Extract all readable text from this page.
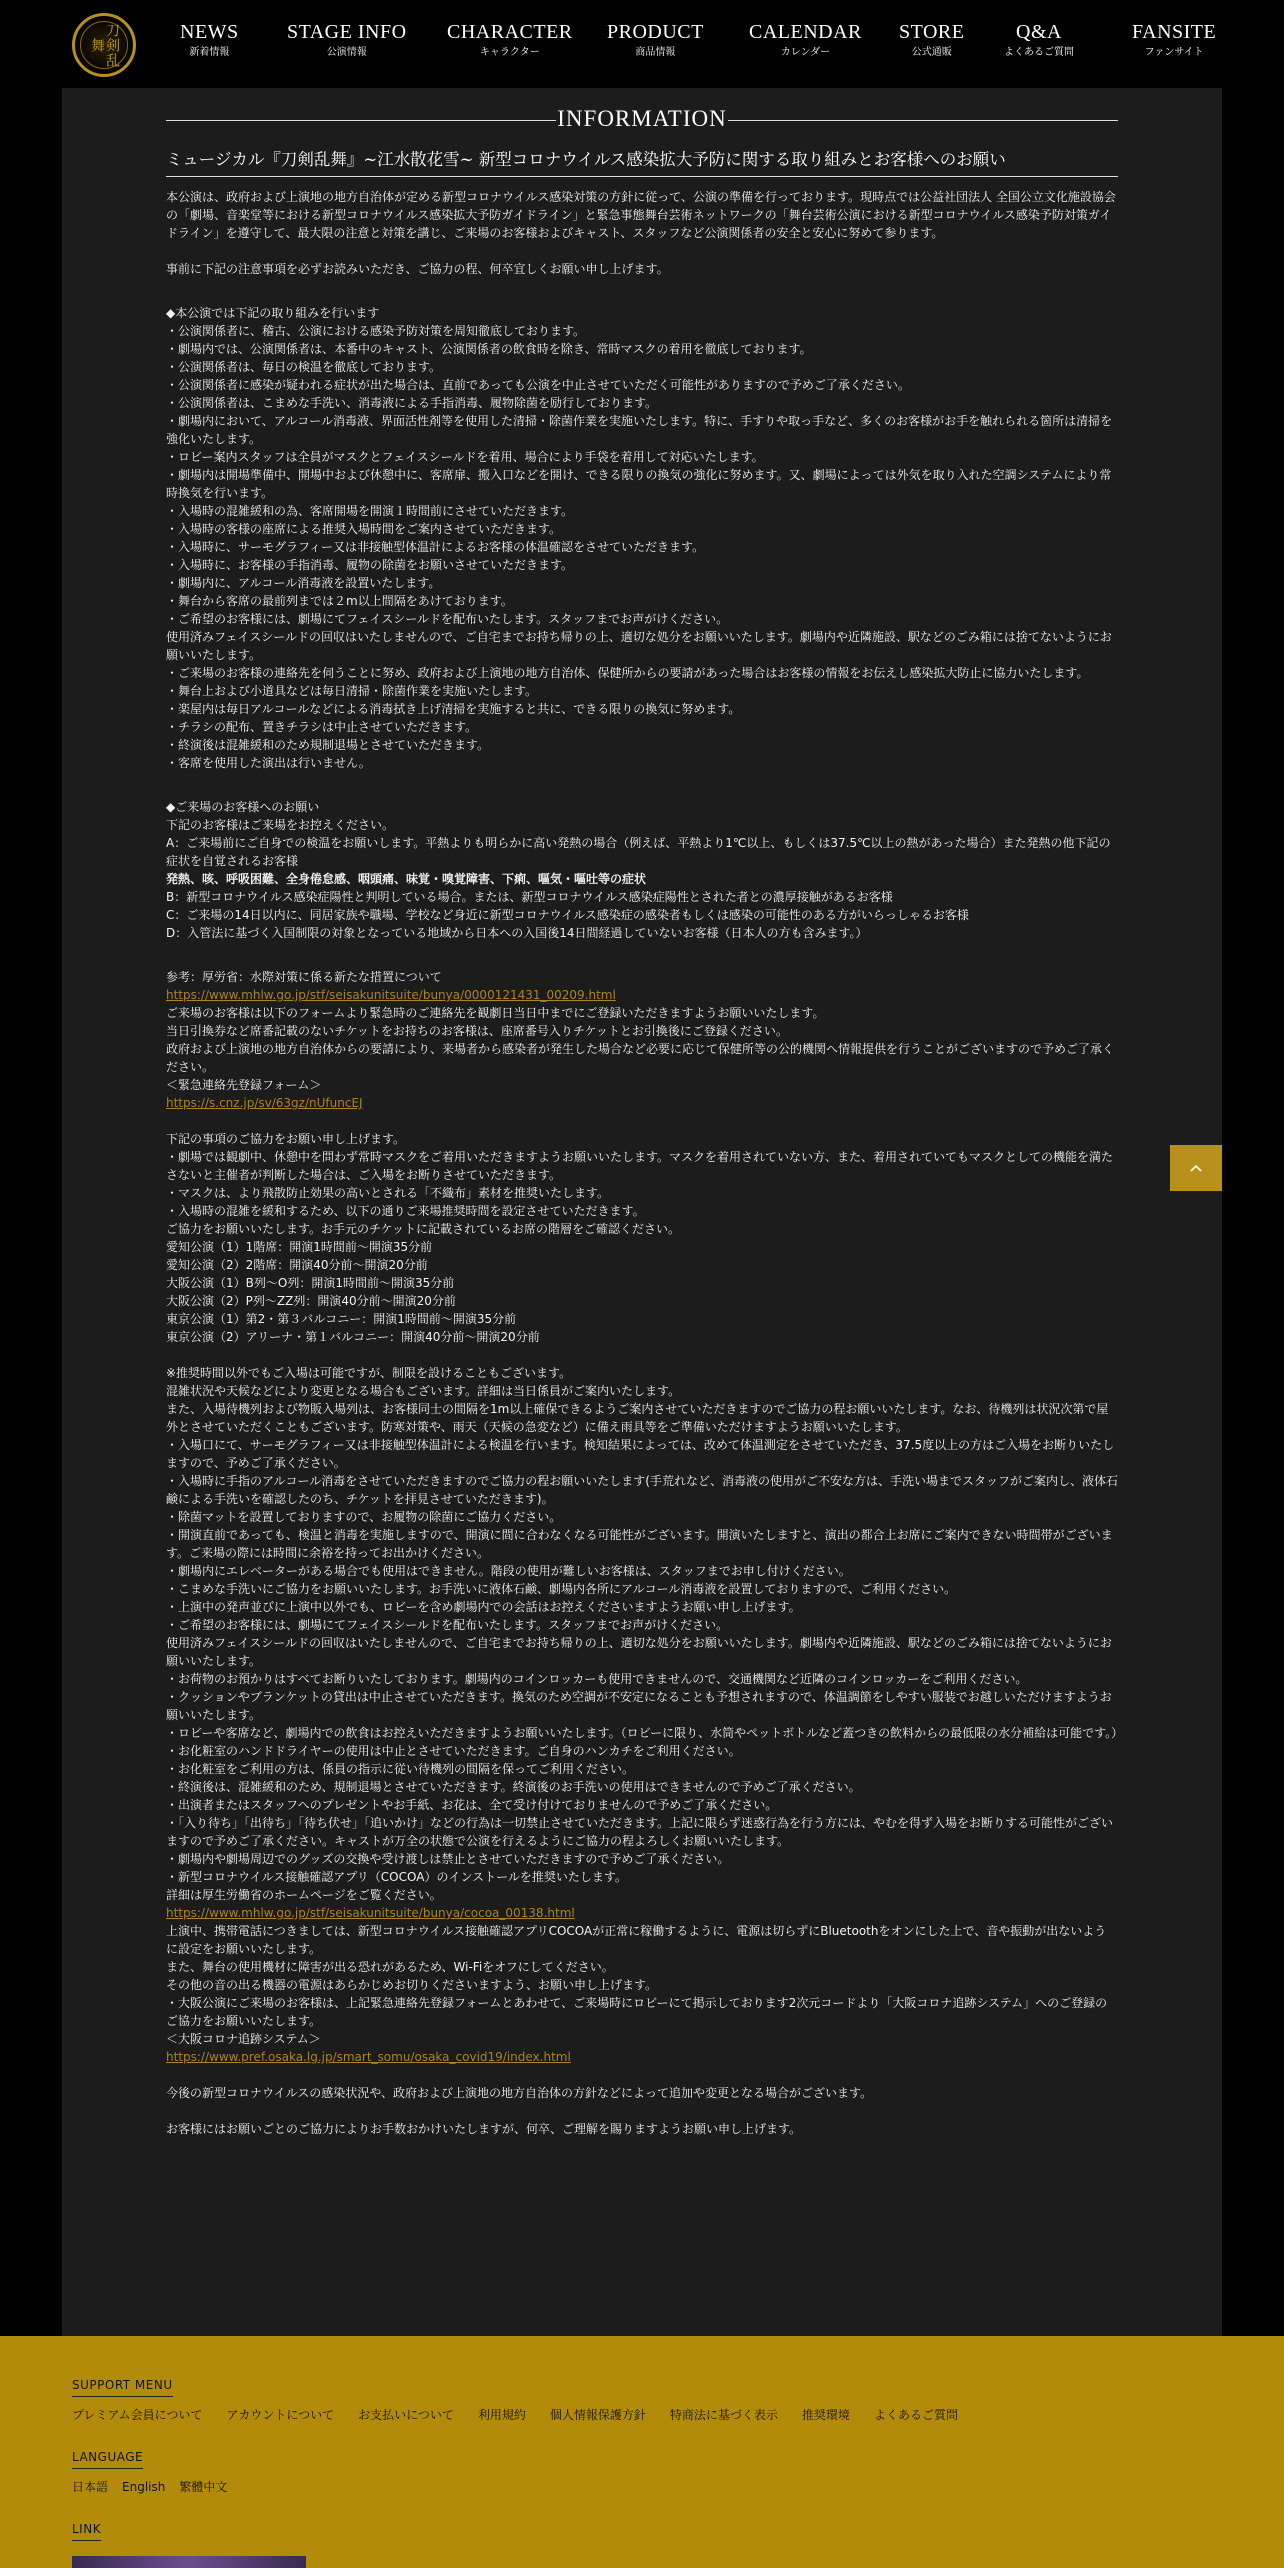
刀剣乱舞
NEWS
新着情報
STAGE INFO
公演情報
CHARACTER
キャラクター
PRODUCT
商品情報
CALENDAR
カレンダー
STORE
公式通販
Q&A
よくあるご質問
FANSITE
ファンサイト
INFORMATION
ミュージカル『刀剣乱舞』~江水散花雪~ 新型コロナウイルス感染拡大予防に関する取り組みとお客様へのお願い

本公演は、政府および上演地の地方自治体が定める新型コロナウイルス感染対策の方針に従って、公演の準備を行っております。現時点では公益社団法人 全国公立文化施設協会の「劇場、音楽堂等における新型コロナウイルス感染拡大予防ガイドライン」と緊急事態舞台芸術ネットワークの「舞台芸術公演における新型コロナウイルス感染予防対策ガイドライン」を遵守して、最大限の注意と対策を講じ、ご来場のお客様およびキャスト、スタッフなど公演関係者の安全と安心に努めて参ります。

事前に下記の注意事項を必ずお読みいただき、ご協力の程、何卒宜しくお願い申し上げます。

◆本公演では下記の取り組みを行います

・公演関係者に、稽古、公演における感染予防対策を周知徹底しております。

・劇場内では、公演関係者は、本番中のキャスト、公演関係者の飲食時を除き、常時マスクの着用を徹底しております。

・公演関係者は、毎日の検温を徹底しております。

・公演関係者に感染が疑われる症状が出た場合は、直前であっても公演を中止させていただく可能性がありますので予めご了承ください。

・公演関係者は、こまめな手洗い、消毒液による手指消毒、履物除菌を励行しております。

・劇場内において、アルコール消毒液、界面活性剤等を使用した清掃・除菌作業を実施いたします。特に、手すりや取っ手など、多くのお客様がお手を触れられる箇所は清掃を強化いたします。

・ロビー案内スタッフは全員がマスクとフェイスシールドを着用、場合により手袋を着用して対応いたします。

・劇場内は開場準備中、開場中および休憩中に、客席扉、搬入口などを開け、できる限りの換気の強化に努めます。又、劇場によっては外気を取り入れた空調システムにより常時換気を行います。

・入場時の混雑緩和の為、客席開場を開演１時間前にさせていただきます。

・入場時の客様の座席による推奨入場時間をご案内させていただきます。

・入場時に、サーモグラフィー又は非接触型体温計によるお客様の体温確認をさせていただきます。

・入場時に、お客様の手指消毒、履物の除菌をお願いさせていただきます。

・劇場内に、アルコール消毒液を設置いたします。

・舞台から客席の最前列までは２m以上間隔をあけております。

・ご希望のお客様には、劇場にてフェイスシールドを配布いたします。スタッフまでお声がけください。

使用済みフェイスシールドの回収はいたしませんので、ご自宅までお持ち帰りの上、適切な処分をお願いいたします。劇場内や近隣施設、駅などのごみ箱には捨てないようにお願いいたします。

・ご来場のお客様の連絡先を伺うことに努め、政府および上演地の地方自治体、保健所からの要請があった場合はお客様の情報をお伝えし感染拡大防止に協力いたします。

・舞台上および小道具などは毎日清掃・除菌作業を実施いたします。

・楽屋内は毎日アルコールなどによる消毒拭き上げ清掃を実施すると共に、できる限りの換気に努めます。

・チラシの配布、置きチラシは中止させていただきます。

・終演後は混雑緩和のため規制退場とさせていただきます。

・客席を使用した演出は行いません。

◆ご来場のお客様へのお願い

下記のお客様はご来場をお控えください。

A：ご来場前にご自身での検温をお願いします。平熱よりも明らかに高い発熱の場合（例えば、平熱より1℃以上、もしくは37.5℃以上の熱があった場合）また発熱の他下記の症状を自覚されるお客様

発熱、咳、呼吸困難、全身倦怠感、咽頭痛、味覚・嗅覚障害、下痢、嘔気・嘔吐等の症状

B：新型コロナウイルス感染症陽性と判明している場合。または、新型コロナウイルス感染症陽性とされた者との濃厚接触があるお客様

C：ご来場の14日以内に、同居家族や職場、学校など身近に新型コロナウイルス感染症の感染者もしくは感染の可能性のある方がいらっしゃるお客様

D：入管法に基づく入国制限の対象となっている地域から日本への入国後14日間経過していないお客様（日本人の方も含みます。）

参考：厚労省：水際対策に係る新たな措置について

https://www.mhlw.go.jp/stf/seisakunitsuite/bunya/0000121431_00209.html

ご来場のお客様は以下のフォームより緊急時のご連絡先を観劇日当日中までにご登録いただきますようお願いいたします。

当日引換券など席番記載のないチケットをお持ちのお客様は、座席番号入りチケットとお引換後にご登録ください。

政府および上演地の地方自治体からの要請により、来場者から感染者が発生した場合など必要に応じて保健所等の公的機関へ情報提供を行うことがございますので予めご了承ください。

＜緊急連絡先登録フォーム＞

https://s.cnz.jp/sv/63gz/nUfuncEJ

下記の事項のご協力をお願い申し上げます。

・劇場では観劇中、休憩中を問わず常時マスクをご着用いただきますようお願いいたします。マスクを着用されていない方、また、着用されていてもマスクとしての機能を満たさないと主催者が判断した場合は、ご入場をお断りさせていただきます。

・マスクは、より飛散防止効果の高いとされる「不織布」素材を推奨いたします。

・入場時の混雑を緩和するため、以下の通りご来場推奨時間を設定させていただきます。

ご協力をお願いいたします。お手元のチケットに記載されているお席の階層をご確認ください。

愛知公演（1）1階席：開演1時間前～開演35分前

愛知公演（2）2階席：開演40分前～開演20分前

大阪公演（1）B列～O列：開演1時間前～開演35分前

大阪公演（2）P列～ZZ列：開演40分前～開演20分前

東京公演（1）第2・第３バルコニー：開演1時間前～開演35分前

東京公演（2）アリーナ・第１バルコニー：開演40分前～開演20分前

※推奨時間以外でもご入場は可能ですが、制限を設けることもございます。

混雑状況や天候などにより変更となる場合もございます。詳細は当日係員がご案内いたします。

また、入場待機列および物販入場列は、お客様同士の間隔を1m以上確保できるようご案内させていただきますのでご協力の程お願いいたします。なお、待機列は状況次第で屋外とさせていただくこともございます。防寒対策や、雨天（天候の急変など）に備え雨具等をご準備いただけますようお願いいたします。

・入場口にて、サーモグラフィー又は非接触型体温計による検温を行います。検知結果によっては、改めて体温測定をさせていただき、37.5度以上の方はご入場をお断りいたしますので、予めご了承ください。

・入場時に手指のアルコール消毒をさせていただきますのでご協力の程お願いいたします(手荒れなど、消毒液の使用がご不安な方は、手洗い場までスタッフがご案内し、液体石鹸による手洗いを確認したのち、チケットを拝見させていただきます)。

・除菌マットを設置しておりますので、お履物の除菌にご協力ください。

・開演直前であっても、検温と消毒を実施しますので、開演に間に合わなくなる可能性がございます。開演いたしますと、演出の都合上お席にご案内できない時間帯がございます。ご来場の際には時間に余裕を持ってお出かけください。

・劇場内にエレベーターがある場合でも使用はできません。階段の使用が難しいお客様は、スタッフまでお申し付けください。

・こまめな手洗いにご協力をお願いいたします。お手洗いに液体石鹸、劇場内各所にアルコール消毒液を設置しておりますので、ご利用ください。

・上演中の発声並びに上演中以外でも、ロビーを含め劇場内での会話はお控えくださいますようお願い申し上げます。

・ご希望のお客様には、劇場にてフェイスシールドを配布いたします。スタッフまでお声がけください。

使用済みフェイスシールドの回収はいたしませんので、ご自宅までお持ち帰りの上、適切な処分をお願いいたします。劇場内や近隣施設、駅などのごみ箱には捨てないようにお願いいたします。

・お荷物のお預かりはすべてお断りいたしております。劇場内のコインロッカーも使用できませんので、交通機関など近隣のコインロッカーをご利用ください。

・クッションやブランケットの貸出は中止させていただきます。換気のため空調が不安定になることも予想されますので、体温調節をしやすい服装でお越しいただけますようお願いいたします。

・ロビーや客席など、劇場内での飲食はお控えいただきますようお願いいたします。（ロビーに限り、水筒やペットボトルなど蓋つきの飲料からの最低限の水分補給は可能です。）

・お化粧室のハンドドライヤーの使用は中止とさせていただきます。ご自身のハンカチをご利用ください。

・お化粧室をご利用の方は、係員の指示に従い待機列の間隔を保ってご利用ください。

・終演後は、混雑緩和のため、規制退場とさせていただきます。終演後のお手洗いの使用はできませんので予めご了承ください。

・出演者またはスタッフへのプレゼントやお手紙、お花は、全て受け付けておりませんので予めご了承ください。

・「入り待ち」「出待ち」「待ち伏せ」「追いかけ」などの行為は一切禁止させていただきます。上記に限らず迷惑行為を行う方には、やむを得ず入場をお断りする可能性がございますので予めご了承ください。キャストが万全の状態で公演を行えるようにご協力の程よろしくお願いいたします。

・劇場内や劇場周辺でのグッズの交換や受け渡しは禁止とさせていただきますので予めご了承ください。

・新型コロナウイルス接触確認アプリ（COCOA）のインストールを推奨いたします。

詳細は厚生労働省のホームページをご覧ください。

https://www.mhlw.go.jp/stf/seisakunitsuite/bunya/cocoa_00138.html

上演中、携帯電話につきましては、新型コロナウイルス接触確認アプリCOCOAが正常に稼働するように、電源は切らずにBluetoothをオンにした上で、音や振動が出ないように設定をお願いいたします。

また、舞台の使用機材に障害が出る恐れがあるため、Wi-Fiをオフにしてください。

その他の音の出る機器の電源はあらかじめお切りくださいますよう、お願い申し上げます。

・大阪公演にご来場のお客様は、上記緊急連絡先登録フォームとあわせて、ご来場時にロビーにて掲示しております2次元コードより「大阪コロナ追跡システム」へのご登録のご協力をお願いいたします。

＜大阪コロナ追跡システム＞

https://www.pref.osaka.lg.jp/smart_somu/osaka_covid19/index.html

今後の新型コロナウイルスの感染状況や、政府および上演地の地方自治体の方針などによって追加や変更となる場合がございます。

お客様にはお願いごとのご協力によりお手数おかけいたしますが、何卒、ご理解を賜りますようお願い申し上げます。

SUPPORT MENU
プレミアム会員について アカウントについて お支払いについて 利用規約 個人情報保護方針 特商法に基づく表示 推奨環境 よくあるご質問
LANGUAGE
日本語 English 繁體中文
LINK
